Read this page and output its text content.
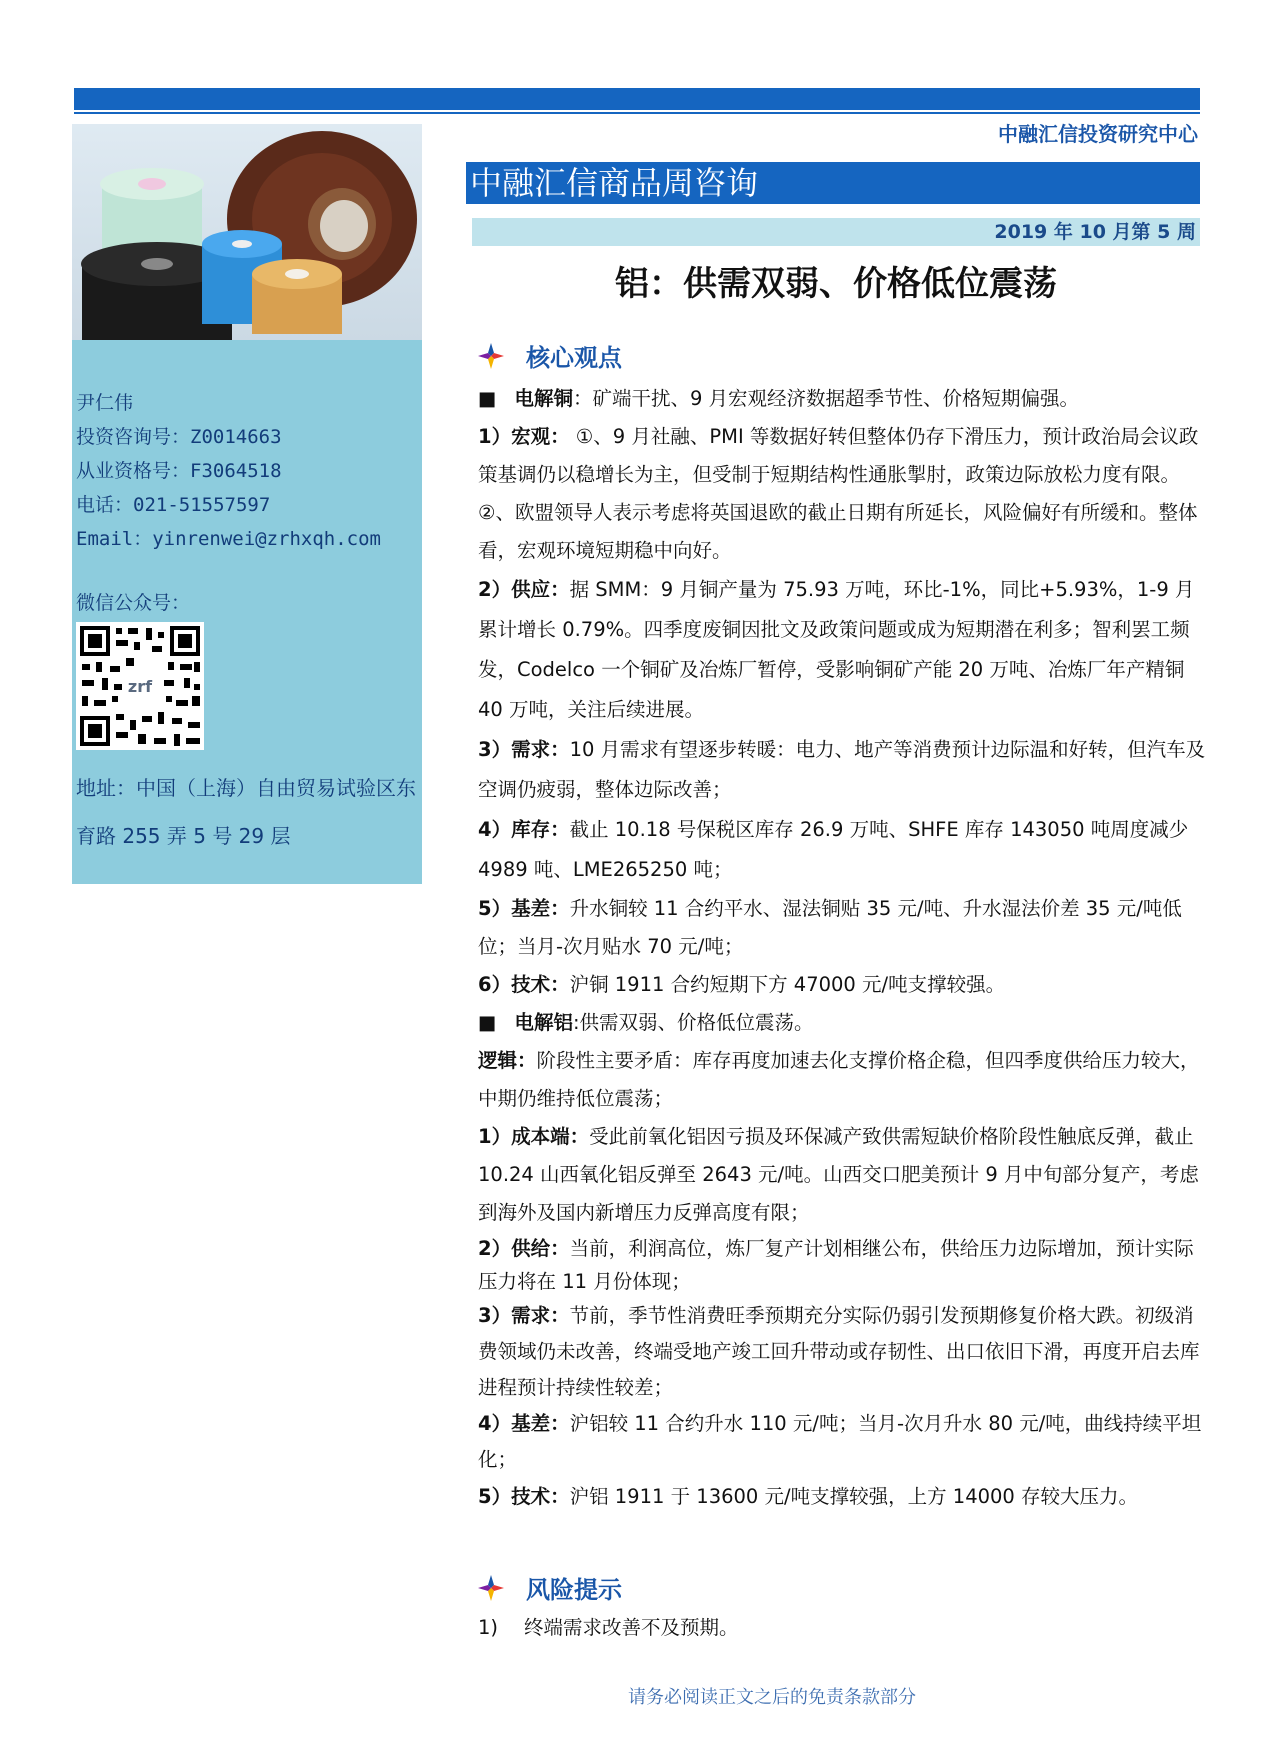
中融汇信投资研究中心
尹仁伟
投资咨询号：Z0014663
从业资格号：F3064518
电话：021-51557597
Email：yinrenwei@zrhxqh.com
微信公众号：
zrf
地址：中国（上海）自由贸易试验区东育路 255 弄 5 号 29 层
中融汇信商品周咨询
2019 年 10 月第 5 周
铝：供需双弱、价格低位震荡
核心观点

■ 电解铜：矿端干扰、9 月宏观经济数据超季节性、价格短期偏强。

1）宏观： ①、9 月社融、PMI 等数据好转但整体仍存下滑压力，预计政治局会议政策基调仍以稳增长为主，但受制于短期结构性通胀掣肘，政策边际放松力度有限。②、欧盟领导人表示考虑将英国退欧的截止日期有所延长，风险偏好有所缓和。整体看，宏观环境短期稳中向好。

2）供应：据 SMM：9 月铜产量为 75.93 万吨，环比-1%，同比+5.93%，1-9 月累计增长 0.79%。四季度废铜因批文及政策问题或成为短期潜在利多；智利罢工频发，Codelco 一个铜矿及冶炼厂暂停，受影响铜矿产能 20 万吨、冶炼厂年产精铜 40 万吨，关注后续进展。

3）需求：10 月需求有望逐步转暖：电力、地产等消费预计边际温和好转，但汽车及空调仍疲弱，整体边际改善；

4）库存：截止 10.18 号保税区库存 26.9 万吨、SHFE 库存 143050 吨周度减少 4989 吨、LME265250 吨；

5）基差：升水铜较 11 合约平水、湿法铜贴 35 元/吨、升水湿法价差 35 元/吨低位；当月-次月贴水 70 元/吨；

6）技术：沪铜 1911 合约短期下方 47000 元/吨支撑较强。

■ 电解铝:供需双弱、价格低位震荡。

逻辑：阶段性主要矛盾：库存再度加速去化支撑价格企稳，但四季度供给压力较大，中期仍维持低位震荡；

1）成本端：受此前氧化铝因亏损及环保减产致供需短缺价格阶段性触底反弹，截止 10.24 山西氧化铝反弹至 2643 元/吨。山西交口肥美预计 9 月中旬部分复产，考虑到海外及国内新增压力反弹高度有限；

2）供给：当前，利润高位，炼厂复产计划相继公布，供给压力边际增加，预计实际压力将在 11 月份体现；

3）需求：节前，季节性消费旺季预期充分实际仍弱引发预期修复价格大跌。初级消费领域仍未改善，终端受地产竣工回升带动或存韧性、出口依旧下滑，再度开启去库进程预计持续性较差；

4）基差：沪铝较 11 合约升水 110 元/吨；当月-次月升水 80 元/吨，曲线持续平坦化；

5）技术：沪铝 1911 于 13600 元/吨支撑较强，上方 14000 存较大压力。

风险提示
1) 终端需求改善不及预期。
请务必阅读正文之后的免责条款部分
